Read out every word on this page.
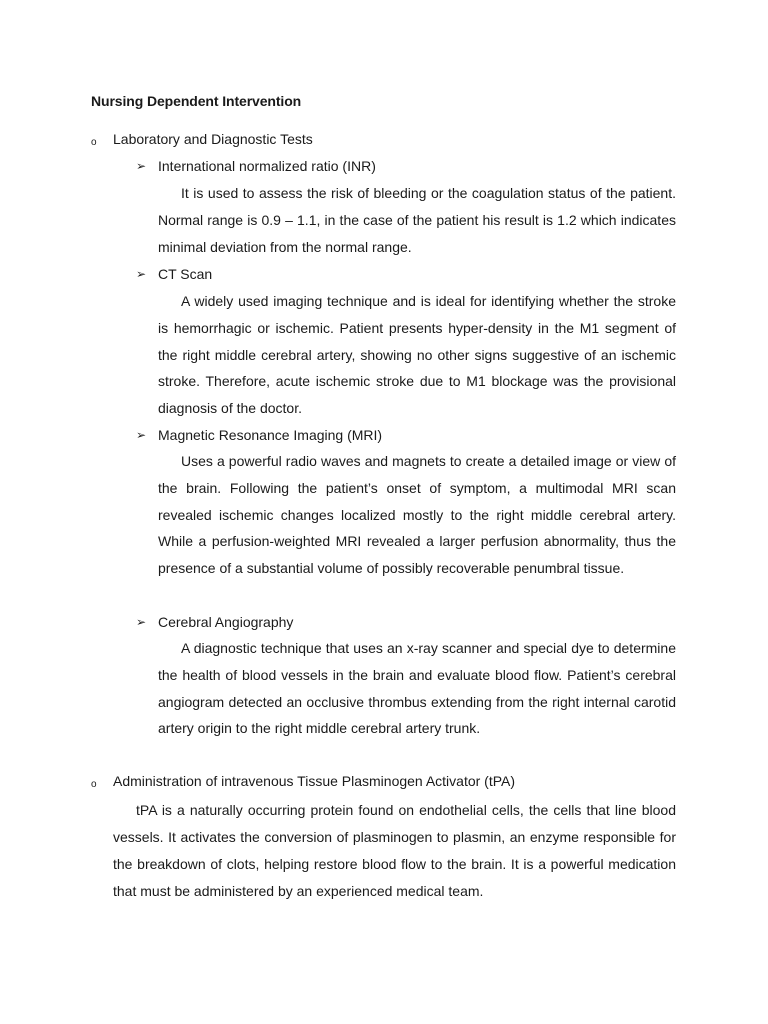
Nursing Dependent Intervention
o Laboratory and Diagnostic Tests
➢ International normalized ratio (INR)

It is used to assess the risk of bleeding or the coagulation status of the patient. Normal range is 0.9 – 1.1, in the case of the patient his result is 1.2 which indicates minimal deviation from the normal range.

➢ CT Scan

A widely used imaging technique and is ideal for identifying whether the stroke is hemorrhagic or ischemic. Patient presents hyper-density in the M1 segment of the right middle cerebral artery, showing no other signs suggestive of an ischemic stroke. Therefore, acute ischemic stroke due to M1 blockage was the provisional diagnosis of the doctor.

➢ Magnetic Resonance Imaging (MRI)

Uses a powerful radio waves and magnets to create a detailed image or view of the brain. Following the patient’s onset of symptom, a multimodal MRI scan revealed ischemic changes localized mostly to the right middle cerebral artery. While a perfusion-weighted MRI revealed a larger perfusion abnormality, thus the presence of a substantial volume of possibly recoverable penumbral tissue.

➢ Cerebral Angiography

A diagnostic technique that uses an x-ray scanner and special dye to determine the health of blood vessels in the brain and evaluate blood flow. Patient’s cerebral angiogram detected an occlusive thrombus extending from the right internal carotid artery origin to the right middle cerebral artery trunk.

o Administration of intravenous Tissue Plasminogen Activator (tPA)

tPA is a naturally occurring protein found on endothelial cells, the cells that line blood vessels. It activates the conversion of plasminogen to plasmin, an enzyme responsible for the breakdown of clots, helping restore blood flow to the brain. It is a powerful medication that must be administered by an experienced medical team.
